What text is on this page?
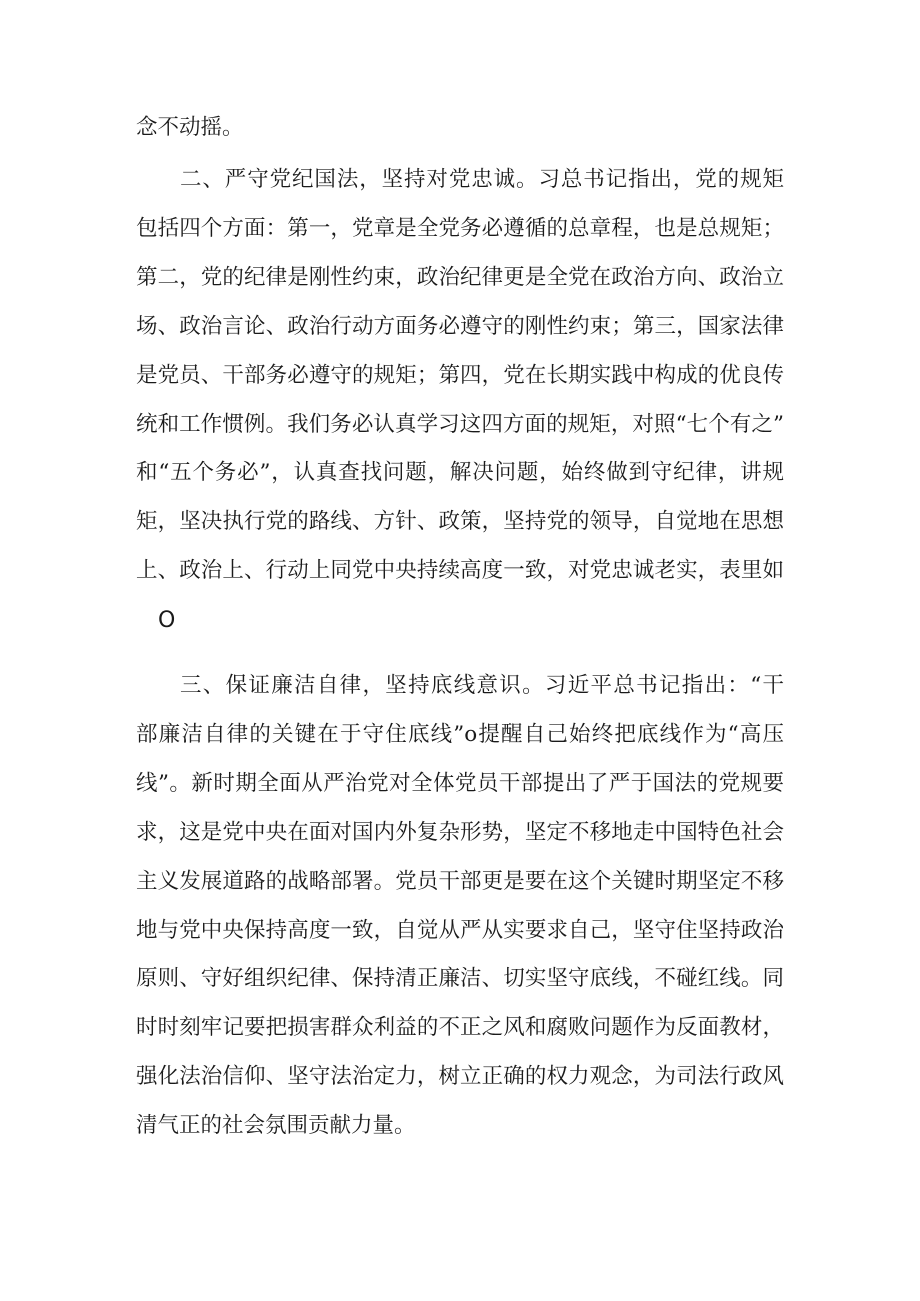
念不动摇。
二、严守党纪国法，坚持对党忠诚。习总书记指出，党的规矩
包括四个方面：第一，党章是全党务必遵循的总章程，也是总规矩；
第二，党的纪律是刚性约束，政治纪律更是全党在政治方向、政治立
场、政治言论、政治行动方面务必遵守的刚性约束；第三，国家法律
是党员、干部务必遵守的规矩；第四，党在长期实践中构成的优良传
统和工作惯例。我们务必认真学习这四方面的规矩，对照“七个有之”
和“五个务必”，认真查找问题，解决问题，始终做到守纪律，讲规
矩，坚决执行党的路线、方针、政策，坚持党的领导，自觉地在思想
上、政治上、行动上同党中央持续高度一致，对党忠诚老实，表里如
O
三、保证廉洁自律，坚持底线意识。习近平总书记指出：“干
部廉洁自律的关键在于守住底线”o提醒自己始终把底线作为“高压
线”。新时期全面从严治党对全体党员干部提出了严于国法的党规要
求，这是党中央在面对国内外复杂形势，坚定不移地走中国特色社会
主义发展道路的战略部署。党员干部更是要在这个关键时期坚定不移
地与党中央保持高度一致，自觉从严从实要求自己，坚守住坚持政治
原则、守好组织纪律、保持清正廉洁、切实坚守底线，不碰红线。同
时时刻牢记要把损害群众利益的不正之风和腐败问题作为反面教材，
强化法治信仰、坚守法治定力，树立正确的权力观念，为司法行政风
清气正的社会氛围贡献力量。
